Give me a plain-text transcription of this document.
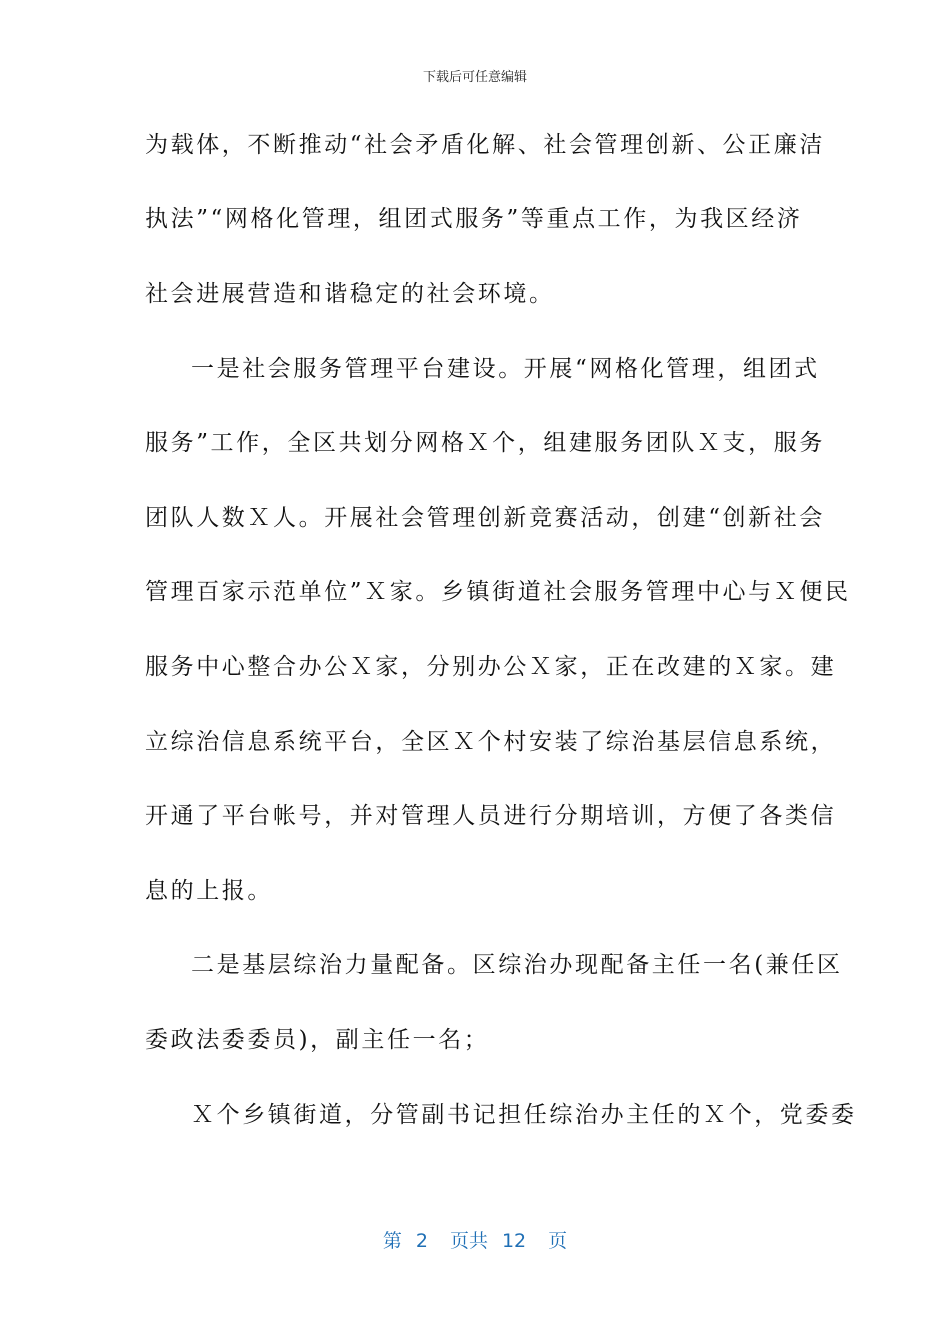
下载后可任意编辑
为载体，不断推动“社会矛盾化解、社会管理创新、公正廉洁
执法”“网格化管理，组团式服务”等重点工作，为我区经济
社会进展营造和谐稳定的社会环境。
一是社会服务管理平台建设。开展“网格化管理，组团式
服务”工作，全区共划分网格Ｘ个，组建服务团队Ｘ支，服务
团队人数Ｘ人。开展社会管理创新竞赛活动，创建“创新社会
管理百家示范单位”Ｘ家。乡镇街道社会服务管理中心与Ｘ便民
服务中心整合办公Ｘ家，分别办公Ｘ家，正在改建的Ｘ家。建
立综治信息系统平台，全区Ｘ个村安装了综治基层信息系统，
开通了平台帐号，并对管理人员进行分期培训，方便了各类信
息的上报。
二是基层综治力量配备。区综治办现配备主任一名(兼任区
委政法委委员)，副主任一名；
Ｘ个乡镇街道，分管副书记担任综治办主任的Ｘ个，党委委
第 2 页共 12 页
